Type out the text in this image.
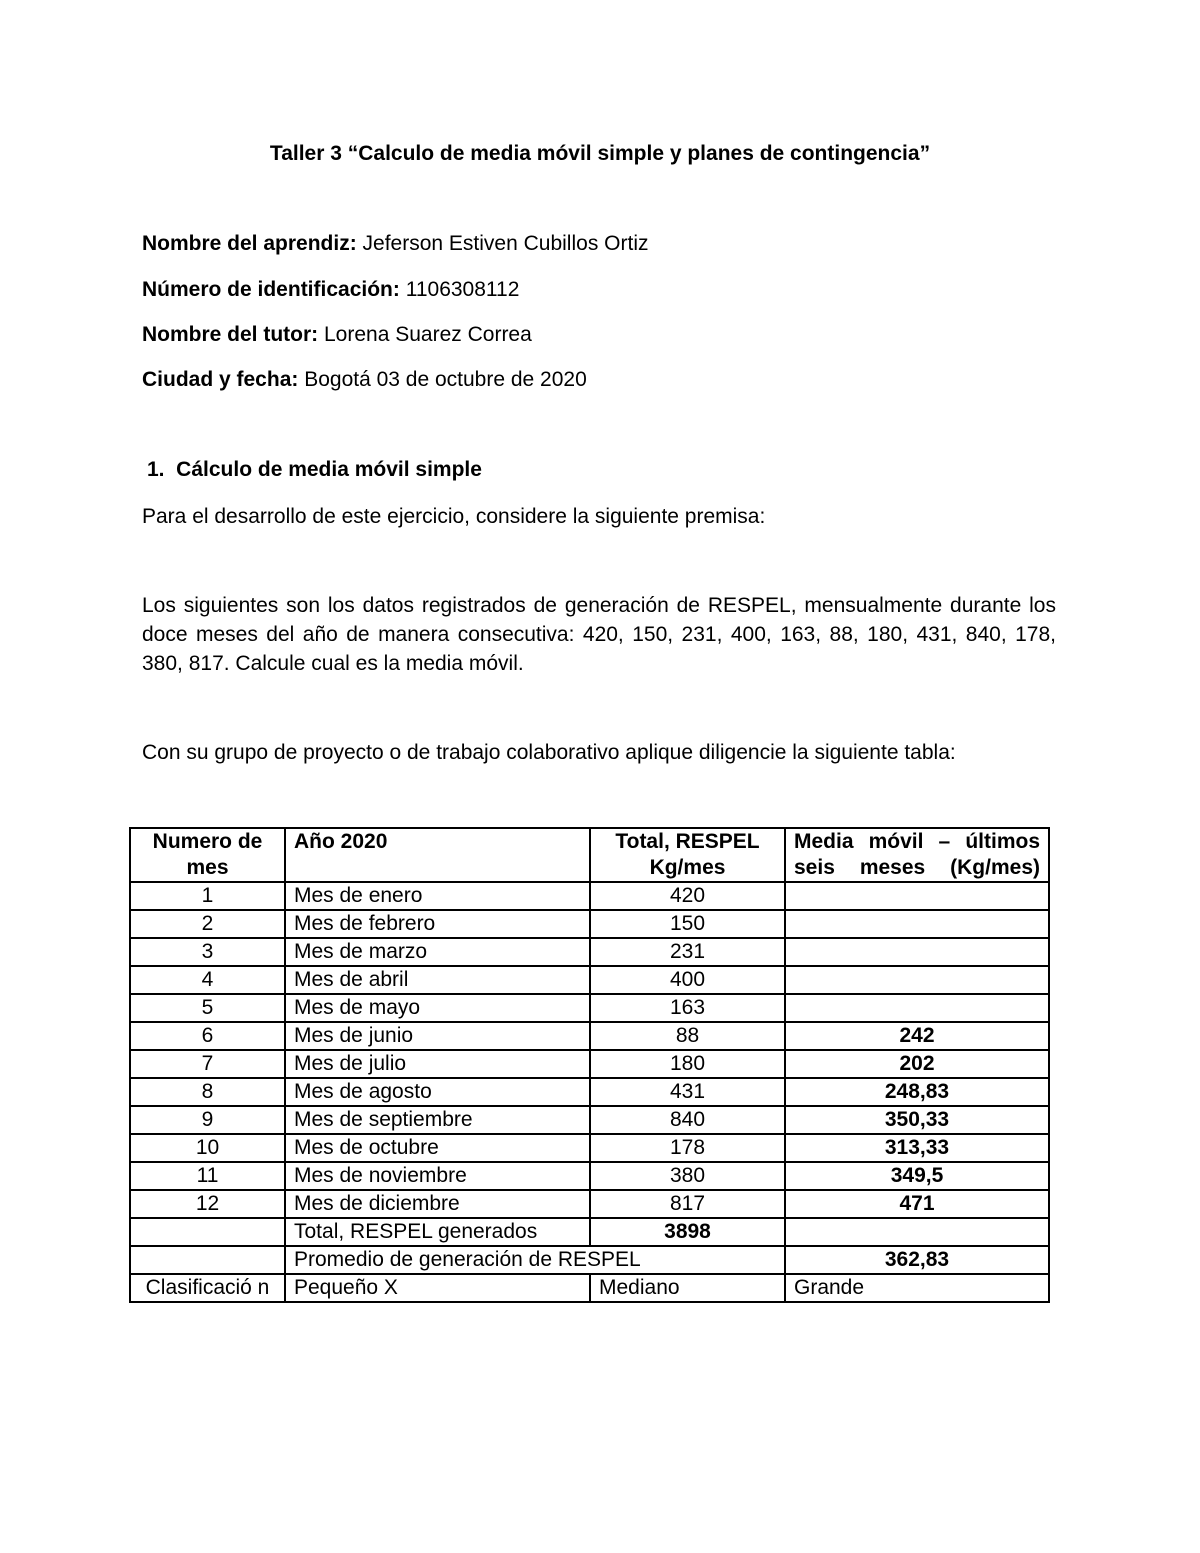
Taller 3 “Calculo de media móvil simple y planes de contingencia”

Nombre del aprendiz: Jeferson Estiven Cubillos Ortiz

Número de identificación: 1106308112

Nombre del tutor: Lorena Suarez Correa

Ciudad y fecha: Bogotá 03 de octubre de 2020

1.  Cálculo de media móvil simple

Para el desarrollo de este ejercicio, considere la siguiente premisa:

Los siguientes son los datos registrados de generación de RESPEL, mensualmente durante los doce meses del año de manera consecutiva: 420, 150, 231, 400, 163, 88, 180, 431, 840, 178, 380, 817. Calcule cual es la media móvil.

Con su grupo de proyecto o de trabajo colaborativo aplique diligencie la siguiente tabla:

Numero de mes	Año 2020	Total, RESPEL Kg/mes	Media móvil – últimos seis meses (Kg/mes)
1	Mes de enero	420	
2	Mes de febrero	150	
3	Mes de marzo	231	
4	Mes de abril	400	
5	Mes de mayo	163	
6	Mes de junio	88	242
7	Mes de julio	180	202
8	Mes de agosto	431	248,83
9	Mes de septiembre	840	350,33
10	Mes de octubre	178	313,33
11	Mes de noviembre	380	349,5
12	Mes de diciembre	817	471
	Total, RESPEL generados	3898	
	Promedio de generación de RESPEL		362,83
Clasificació n	Pequeño X	Mediano	Grande
